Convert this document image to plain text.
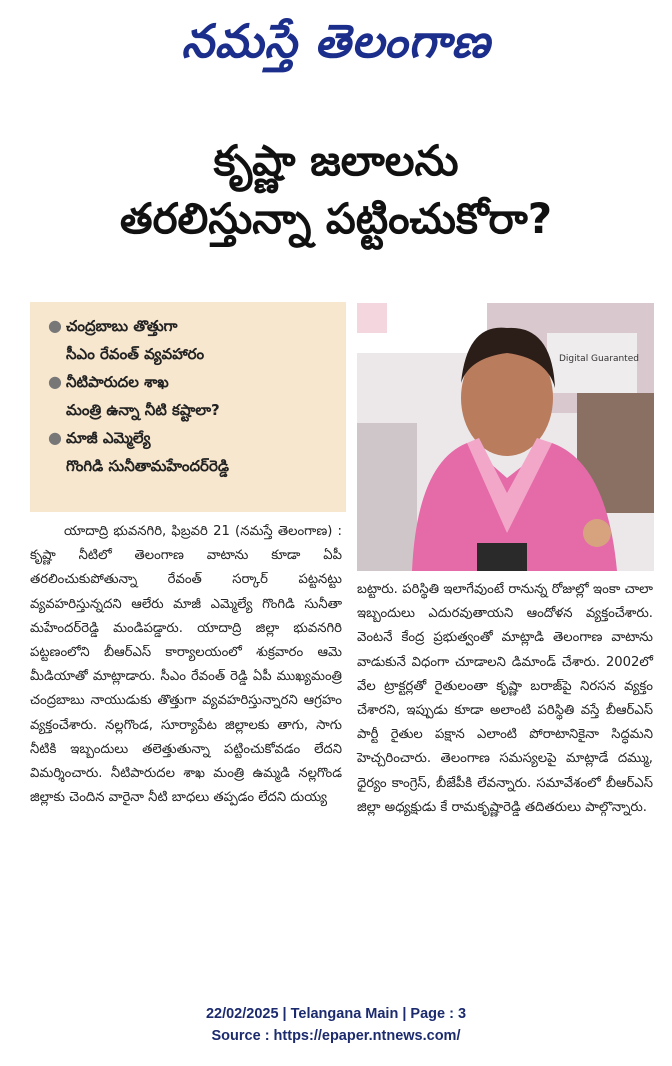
నమస్తే తెలంగాణ
కృష్ణా జలాలను
తరలిస్తున్నా పట్టించుకోరా?
● చంద్రబాబు తొత్తుగా
సీఎం రేవంత్ వ్యవహారం
● నీటిపారుదల శాఖ
మంత్రి ఉన్నా నీటి కష్టాలా?
● మాజీ ఎమ్మెల్యే
గొంగిడి సునీతామహేందర్‌రెడ్డి
Digital Guaranted

యాదాద్రి భువనగిరి, ఫిబ్రవరి 21 (నమస్తే తెలంగాణ) : కృష్ణా నీటిలో తెలంగాణ వాటాను కూడా ఏపీ తరలించుకుపోతున్నా రేవంత్ సర్కార్ పట్టనట్టు వ్యవహరిస్తున్నదని ఆలేరు మాజీ ఎమ్మెల్యే గొంగిడి సునీతా మహేందర్‌రెడ్డి మండిపడ్డారు. యాదాద్రి జిల్లా భువనగిరి పట్టణంలోని బీఆర్‌ఎస్ కార్యాలయంలో శుక్రవారం ఆమె మీడియాతో మాట్లాడారు. సీఎం రేవంత్ రెడ్డి ఏపీ ముఖ్యమంత్రి చంద్రబాబు నాయుడుకు తొత్తుగా వ్యవహరిస్తున్నారని ఆగ్రహం వ్యక్తంచేశారు. నల్లగొండ, సూర్యాపేట జిల్లాలకు తాగు, సాగు నీటికి ఇబ్బందులు తలెత్తుతున్నా పట్టించుకోవడం లేదని విమర్శించారు. నీటిపారుదల శాఖ మంత్రి ఉమ్మడి నల్లగొండ జిల్లాకు చెందిన వారైనా నీటి బాధలు తప్పడం లేదని దుయ్య

బట్టారు. పరిస్థితి ఇలాగేవుంటే రానున్న రోజుల్లో ఇంకా చాలా ఇబ్బందులు ఎదురవుతాయని ఆందోళన వ్యక్తంచేశారు. వెంటనే కేంద్ర ప్రభుత్వంతో మాట్లాడి తెలంగాణ వాటాను వాడుకునే విధంగా చూడాలని డిమాండ్ చేశారు. 2002లో వేల ట్రాక్టర్లతో రైతులంతా కృష్ణా బరాజ్‌పై నిరసన వ్యక్తం చేశారని, ఇప్పుడు కూడా అలాంటి పరిస్థితి వస్తే బీఆర్‌ఎస్ పార్టీ రైతుల పక్షాన ఎలాంటి పోరాటానికైనా సిద్ధమని హెచ్చరించారు. తెలంగాణ సమస్యలపై మాట్లాడే దమ్ము, ధైర్యం కాంగ్రెస్, బీజేపీకి లేవన్నారు. సమావేశంలో బీఆర్‌ఎస్ జిల్లా అధ్యక్షుడు కే రామకృష్ణారెడ్డి తదితరులు పాల్గొన్నారు.

22/02/2025 | Telangana Main | Page : 3
Source : https://epaper.ntnews.com/
